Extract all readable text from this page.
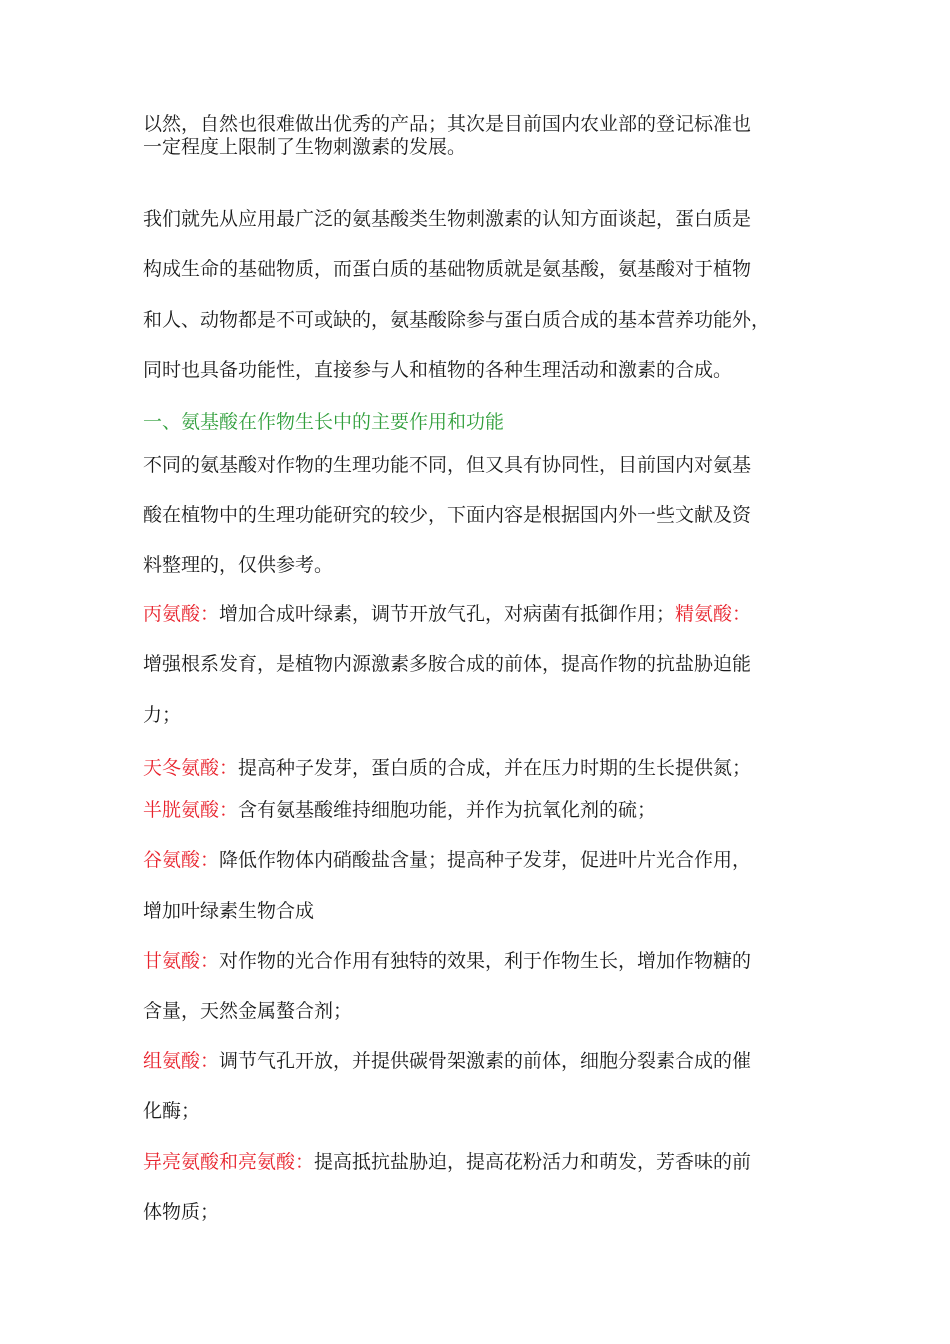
以然，自然也很难做出优秀的产品；其次是目前国内农业部的登记标准也
一定程度上限制了生物刺激素的发展。
我们就先从应用最广泛的氨基酸类生物刺激素的认知方面谈起，蛋白质是
构成生命的基础物质，而蛋白质的基础物质就是氨基酸，氨基酸对于植物
和人、动物都是不可或缺的，氨基酸除参与蛋白质合成的基本营养功能外，
同时也具备功能性，直接参与人和植物的各种生理活动和激素的合成。
一、氨基酸在作物生长中的主要作用和功能
不同的氨基酸对作物的生理功能不同，但又具有协同性，目前国内对氨基
酸在植物中的生理功能研究的较少，下面内容是根据国内外一些文献及资
料整理的，仅供参考。
丙氨酸：增加合成叶绿素，调节开放气孔，对病菌有抵御作用；精氨酸：
增强根系发育，是植物内源激素多胺合成的前体，提高作物的抗盐胁迫能
力；
天冬氨酸：提高种子发芽，蛋白质的合成，并在压力时期的生长提供氮；
半胱氨酸：含有氨基酸维持细胞功能，并作为抗氧化剂的硫；
谷氨酸：降低作物体内硝酸盐含量；提高种子发芽，促进叶片光合作用，
增加叶绿素生物合成
甘氨酸：对作物的光合作用有独特的效果，利于作物生长，增加作物糖的
含量，天然金属螯合剂；
组氨酸：调节气孔开放，并提供碳骨架激素的前体，细胞分裂素合成的催
化酶；
异亮氨酸和亮氨酸：提高抵抗盐胁迫，提高花粉活力和萌发，芳香味的前
体物质；
